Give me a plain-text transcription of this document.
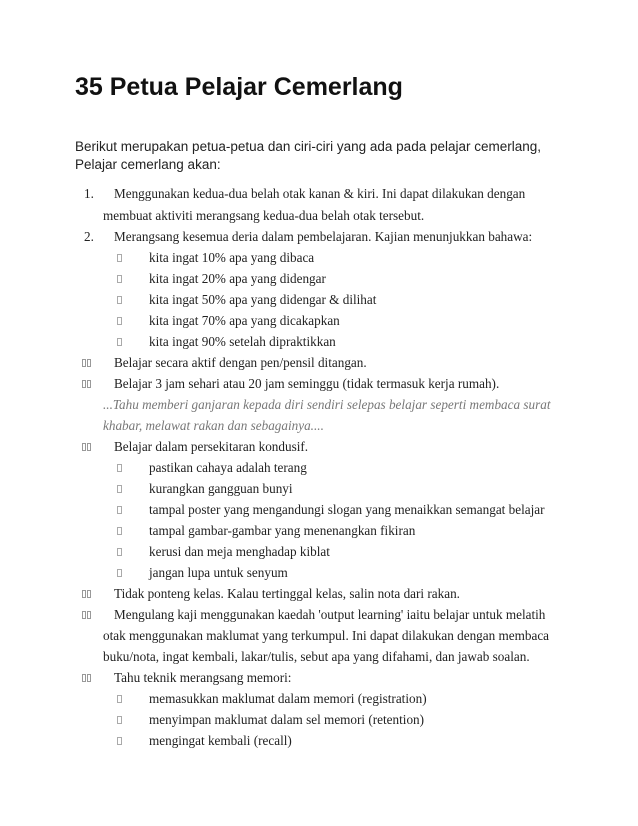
35 Petua Pelajar Cemerlang
Berikut merupakan petua-petua dan ciri-ciri yang ada pada pelajar cemerlang,
Pelajar cemerlang akan:
1. Menggunakan kedua-dua belah otak kanan & kiri. Ini dapat dilakukan dengan
membuat aktiviti merangsang kedua-dua belah otak tersebut.
2. Merangsang kesemua deria dalam pembelajaran. Kajian menunjukkan bahawa:
kita ingat 10% apa yang dibaca
kita ingat 20% apa yang didengar
kita ingat 50% apa yang didengar & dilihat
kita ingat 70% apa yang dicakapkan
kita ingat 90% setelah dipraktikkan
Belajar secara aktif dengan pen/pensil ditangan.
Belajar 3 jam sehari atau 20 jam seminggu (tidak termasuk kerja rumah).
...Tahu memberi ganjaran kepada diri sendiri selepas belajar seperti membaca surat
khabar, melawat rakan dan sebagainya....
Belajar dalam persekitaran kondusif.
pastikan cahaya adalah terang
kurangkan gangguan bunyi
tampal poster yang mengandungi slogan yang menaikkan semangat belajar
tampal gambar-gambar yang menenangkan fikiran
kerusi dan meja menghadap kiblat
jangan lupa untuk senyum
Tidak ponteng kelas. Kalau tertinggal kelas, salin nota dari rakan.
Mengulang kaji menggunakan kaedah 'output learning' iaitu belajar untuk melatih
otak menggunakan maklumat yang terkumpul. Ini dapat dilakukan dengan membaca
buku/nota, ingat kembali, lakar/tulis, sebut apa yang difahami, dan jawab soalan.
Tahu teknik merangsang memori:
memasukkan maklumat dalam memori (registration)
menyimpan maklumat dalam sel memori (retention)
mengingat kembali (recall)
